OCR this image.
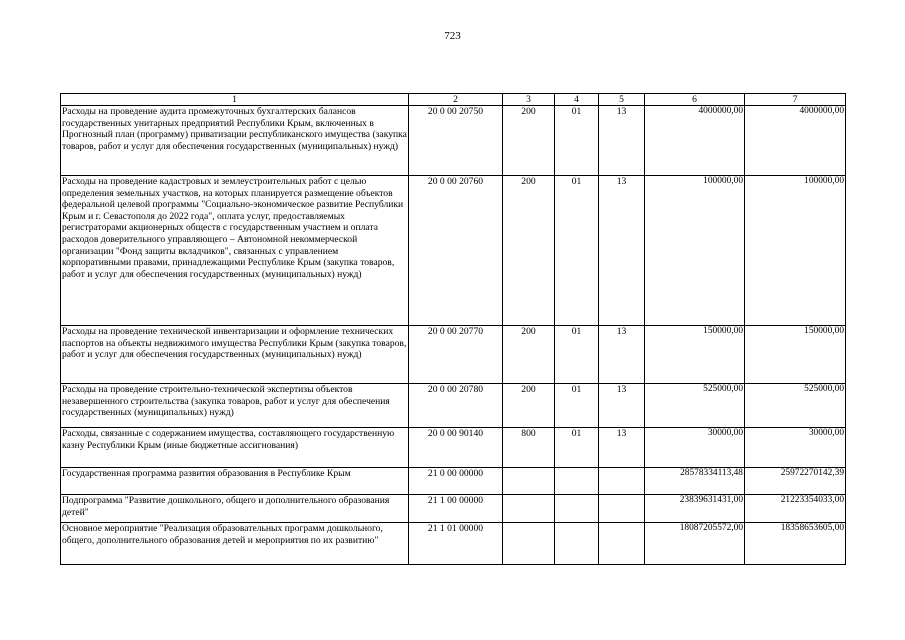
723
1	2	3	4	5	6	7
Расходы на проведение аудита промежуточных бухгалтерских балансов государственных унитарных предприятий Республики Крым, включенных в Прогнозный план (программу) приватизации республиканского имущества (закупка товаров, работ и услуг для обеспечения государственных (муниципальных) нужд)	20 0 00 20750	200	01	13	4000000,00	4000000,00
Расходы на проведение кадастровых и землеустроительных работ с целью определения земельных участков, на которых планируется размещение объектов федеральной целевой программы "Социально-экономическое развитие Республики Крым и г. Севастополя до 2022 года", оплата услуг, предоставляемых регистраторами акционерных обществ с государственным участием и оплата расходов доверительного управляющего – Автономной некоммерческой организации "Фонд защиты вкладчиков", связанных с управлением корпоративными правами, принадлежащими Республике Крым (закупка товаров, работ и услуг для обеспечения государственных (муниципальных) нужд)	20 0 00 20760	200	01	13	100000,00	100000,00
Расходы на проведение технической инвентаризации и оформление технических паспортов на объекты недвижимого имущества Республики Крым (закупка товаров, работ и услуг для обеспечения государственных (муниципальных) нужд)	20 0 00 20770	200	01	13	150000,00	150000,00
Расходы на проведение строительно-технической экспертизы объектов незавершенного строительства (закупка товаров, работ и услуг для обеспечения государственных (муниципальных) нужд)	20 0 00 20780	200	01	13	525000,00	525000,00
Расходы, связанные с содержанием имущества, составляющего государственную казну Республики Крым (иные бюджетные ассигнования)	20 0 00 90140	800	01	13	30000,00	30000,00
Государственная программа развития образования в Республике Крым	21 0 00 00000				28578334113,48	25972270142,39
Подпрограмма "Развитие дошкольного, общего и дополнительного образования детей"	21 1 00 00000				23839631431,00	21223354033,00
Основное мероприятие "Реализация образовательных программ дошкольного, общего, дополнительного образования детей и мероприятия по их развитию"	21 1 01 00000				18087205572,00	18358653605,00
